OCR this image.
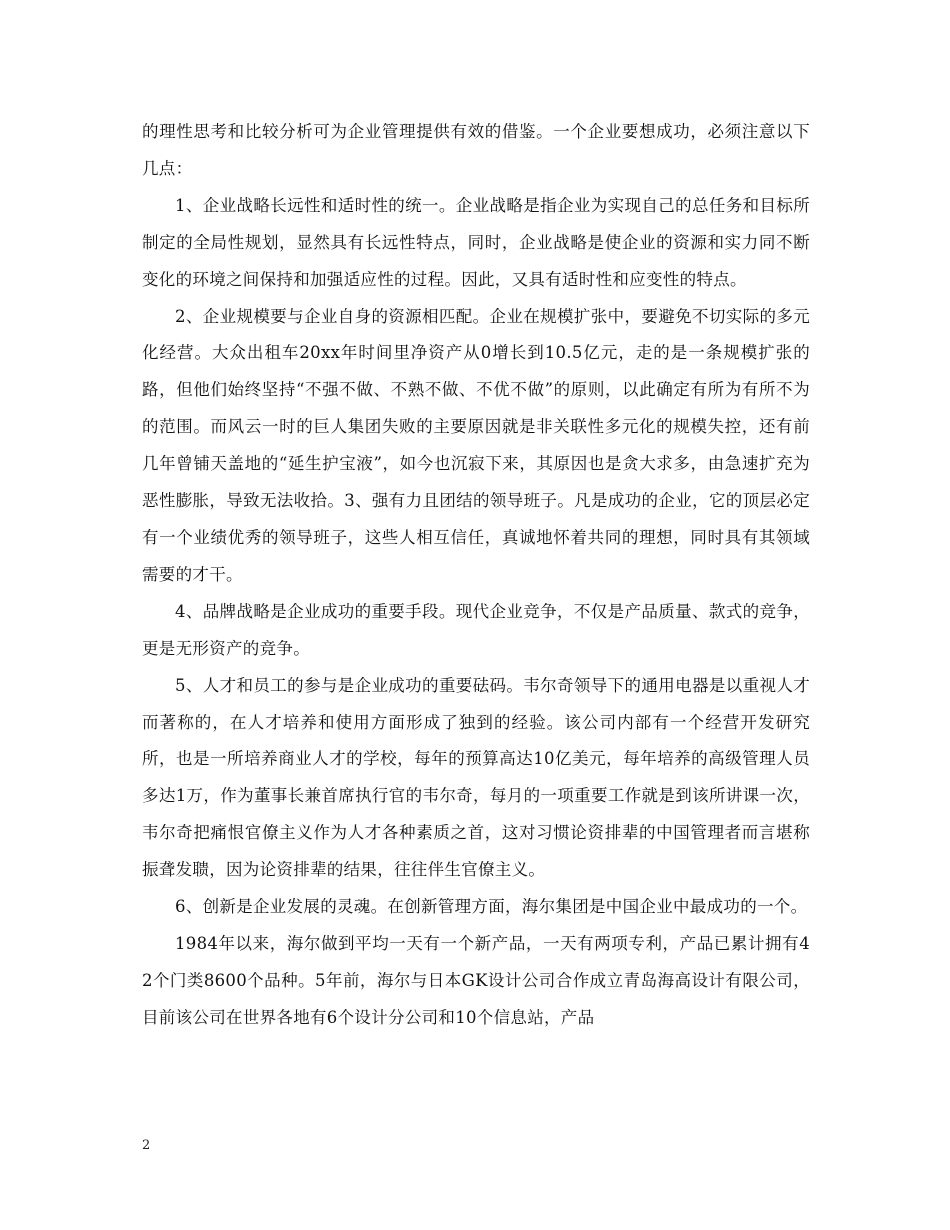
的理性思考和比较分析可为企业管理提供有效的借鉴。一个企业要想成功，必须注意以下几点：

1、企业战略长远性和适时性的统一。企业战略是指企业为实现自己的总任务和目标所制定的全局性规划，显然具有长远性特点，同时，企业战略是使企业的资源和实力同不断变化的环境之间保持和加强适应性的过程。因此，又具有适时性和应变性的特点。

2、企业规模要与企业自身的资源相匹配。企业在规模扩张中，要避免不切实际的多元化经营。大众出租车20xx年时间里净资产从0增长到10.5亿元，走的是一条规模扩张的路，但他们始终坚持“不强不做、不熟不做、不优不做”的原则，以此确定有所为有所不为的范围。而风云一时的巨人集团失败的主要原因就是非关联性多元化的规模失控，还有前几年曾铺天盖地的“延生护宝液”，如今也沉寂下来，其原因也是贪大求多，由急速扩充为恶性膨胀，导致无法收拾。3、强有力且团结的领导班子。凡是成功的企业，它的顶层必定有一个业绩优秀的领导班子，这些人相互信任，真诚地怀着共同的理想，同时具有其领域需要的才干。

4、品牌战略是企业成功的重要手段。现代企业竞争，不仅是产品质量、款式的竞争，更是无形资产的竞争。

5、人才和员工的参与是企业成功的重要砝码。韦尔奇领导下的通用电器是以重视人才而著称的，在人才培养和使用方面形成了独到的经验。该公司内部有一个经营开发研究所，也是一所培养商业人才的学校，每年的预算高达10亿美元，每年培养的高级管理人员多达1万，作为董事长兼首席执行官的韦尔奇，每月的一项重要工作就是到该所讲课一次，韦尔奇把痛恨官僚主义作为人才各种素质之首，这对习惯论资排辈的中国管理者而言堪称振聋发聩，因为论资排辈的结果，往往伴生官僚主义。

6、创新是企业发展的灵魂。在创新管理方面，海尔集团是中国企业中最成功的一个。

1984年以来，海尔做到平均一天有一个新产品，一天有两项专利，产品已累计拥有42个门类8600个品种。5年前，海尔与日本GK设计公司合作成立青岛海高设计有限公司，目前该公司在世界各地有6个设计分公司和10个信息站，产品

2
